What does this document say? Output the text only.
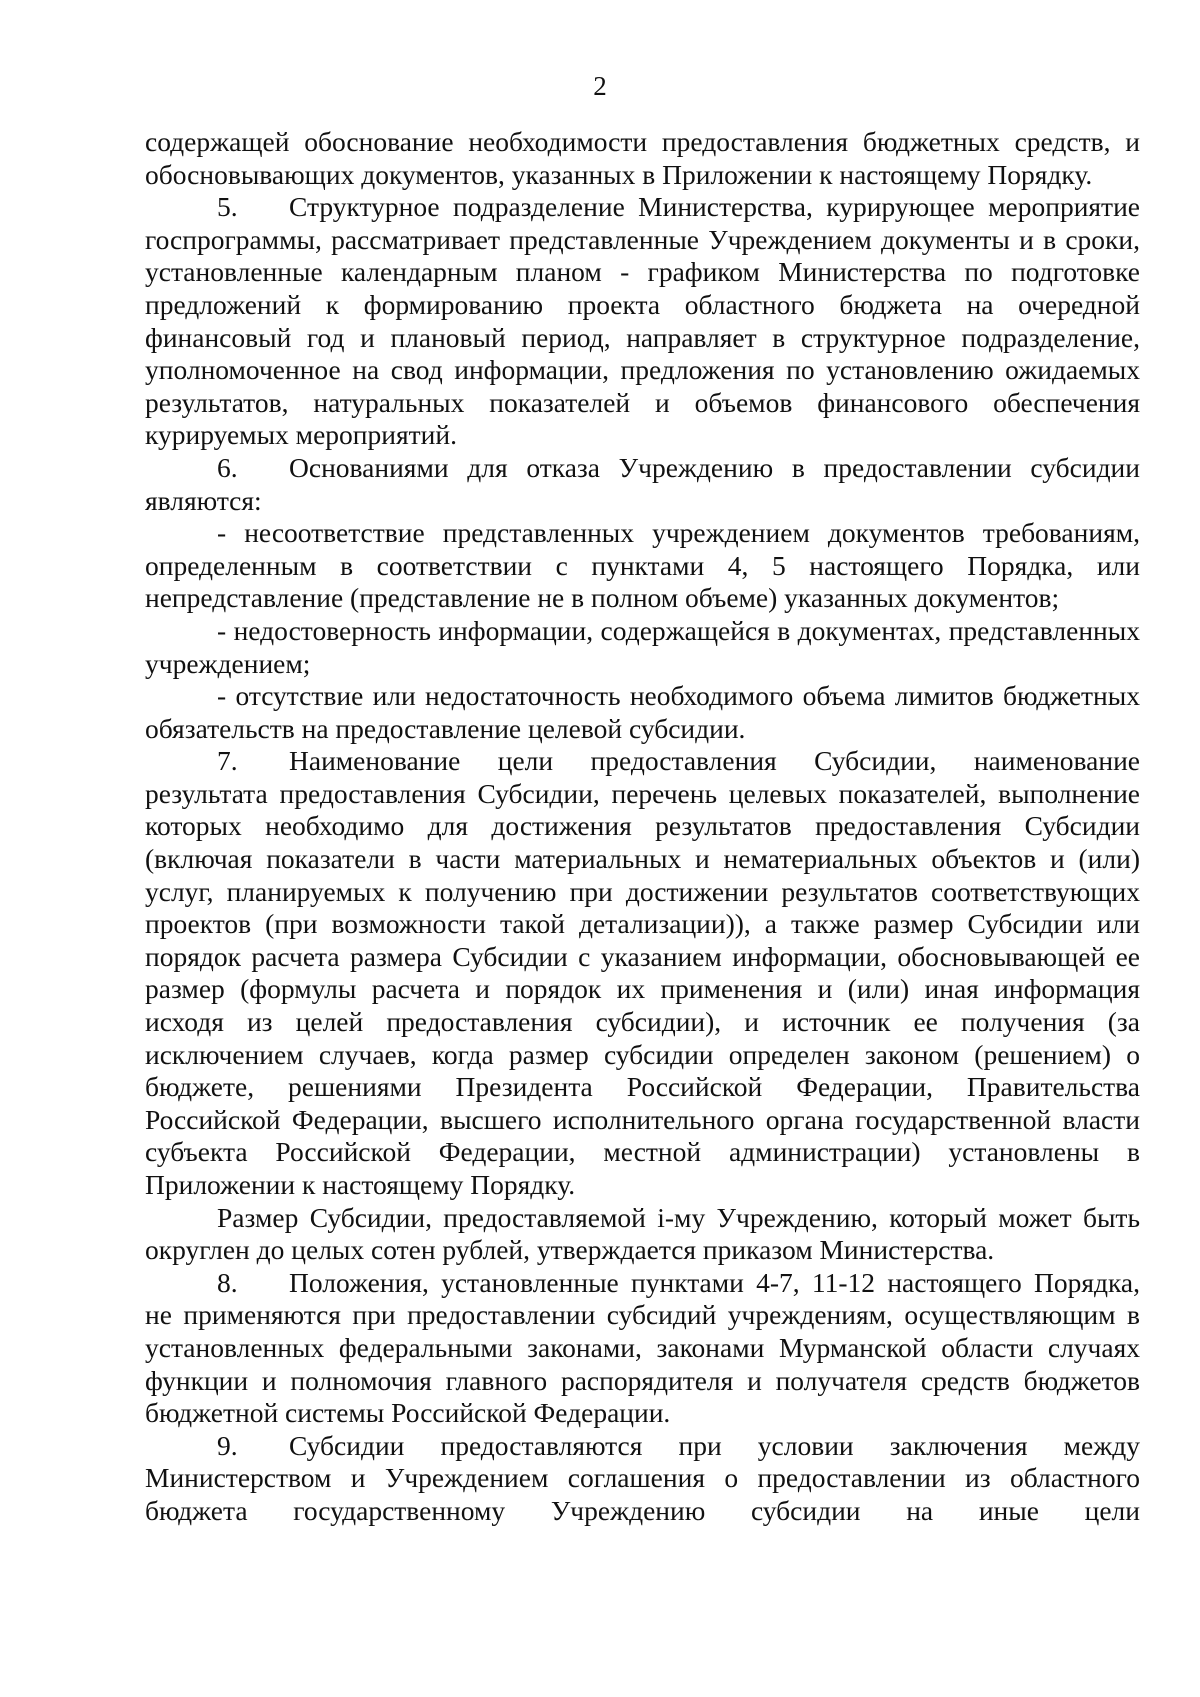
2

содержащей обоснование необходимости предоставления бюджетных средств, и обосновывающих документов, указанных в Приложении к настоящему Порядку.

5. Структурное подразделение Министерства, курирующее мероприятие госпрограммы, рассматривает представленные Учреждением документы и в сроки, установленные календарным планом - графиком Министерства по подготовке предложений к формированию проекта областного бюджета на очередной финансовый год и плановый период, направляет в структурное подразделение, уполномоченное на свод информации, предложения по установлению ожидаемых результатов, натуральных показателей и объемов финансового обеспечения курируемых мероприятий.

6. Основаниями для отказа Учреждению в предоставлении субсидии являются:

- несоответствие представленных учреждением документов требованиям, определенным в соответствии с пунктами 4, 5 настоящего Порядка, или непредставление (представление не в полном объеме) указанных документов;

- недостоверность информации, содержащейся в документах, представленных учреждением;

- отсутствие или недостаточность необходимого объема лимитов бюджетных обязательств на предоставление целевой субсидии.

7. Наименование цели предоставления Субсидии, наименование результата предоставления Субсидии, перечень целевых показателей, выполнение которых необходимо для достижения результатов предоставления Субсидии (включая показатели в части материальных и нематериальных объектов и (или) услуг, планируемых к получению при достижении результатов соответствующих проектов (при возможности такой детализации)), а также размер Субсидии или порядок расчета размера Субсидии с указанием информации, обосновывающей ее размер (формулы расчета и порядок их применения и (или) иная информация исходя из целей предоставления субсидии), и источник ее получения (за исключением случаев, когда размер субсидии определен законом (решением) о бюджете, решениями Президента Российской Федерации, Правительства Российской Федерации, высшего исполнительного органа государственной власти субъекта Российской Федерации, местной администрации) установлены в Приложении к настоящему Порядку.

Размер Субсидии, предоставляемой i-му Учреждению, который может быть округлен до целых сотен рублей, утверждается приказом Министерства.

8. Положения, установленные пунктами 4-7, 11-12 настоящего Порядка, не применяются при предоставлении субсидий учреждениям, осуществляющим в установленных федеральными законами, законами Мурманской области случаях функции и полномочия главного распорядителя и получателя средств бюджетов бюджетной системы Российской Федерации.

9. Субсидии предоставляются при условии заключения между Министерством и Учреждением соглашения о предоставлении из областного бюджета государственному Учреждению субсидии на иные цели
